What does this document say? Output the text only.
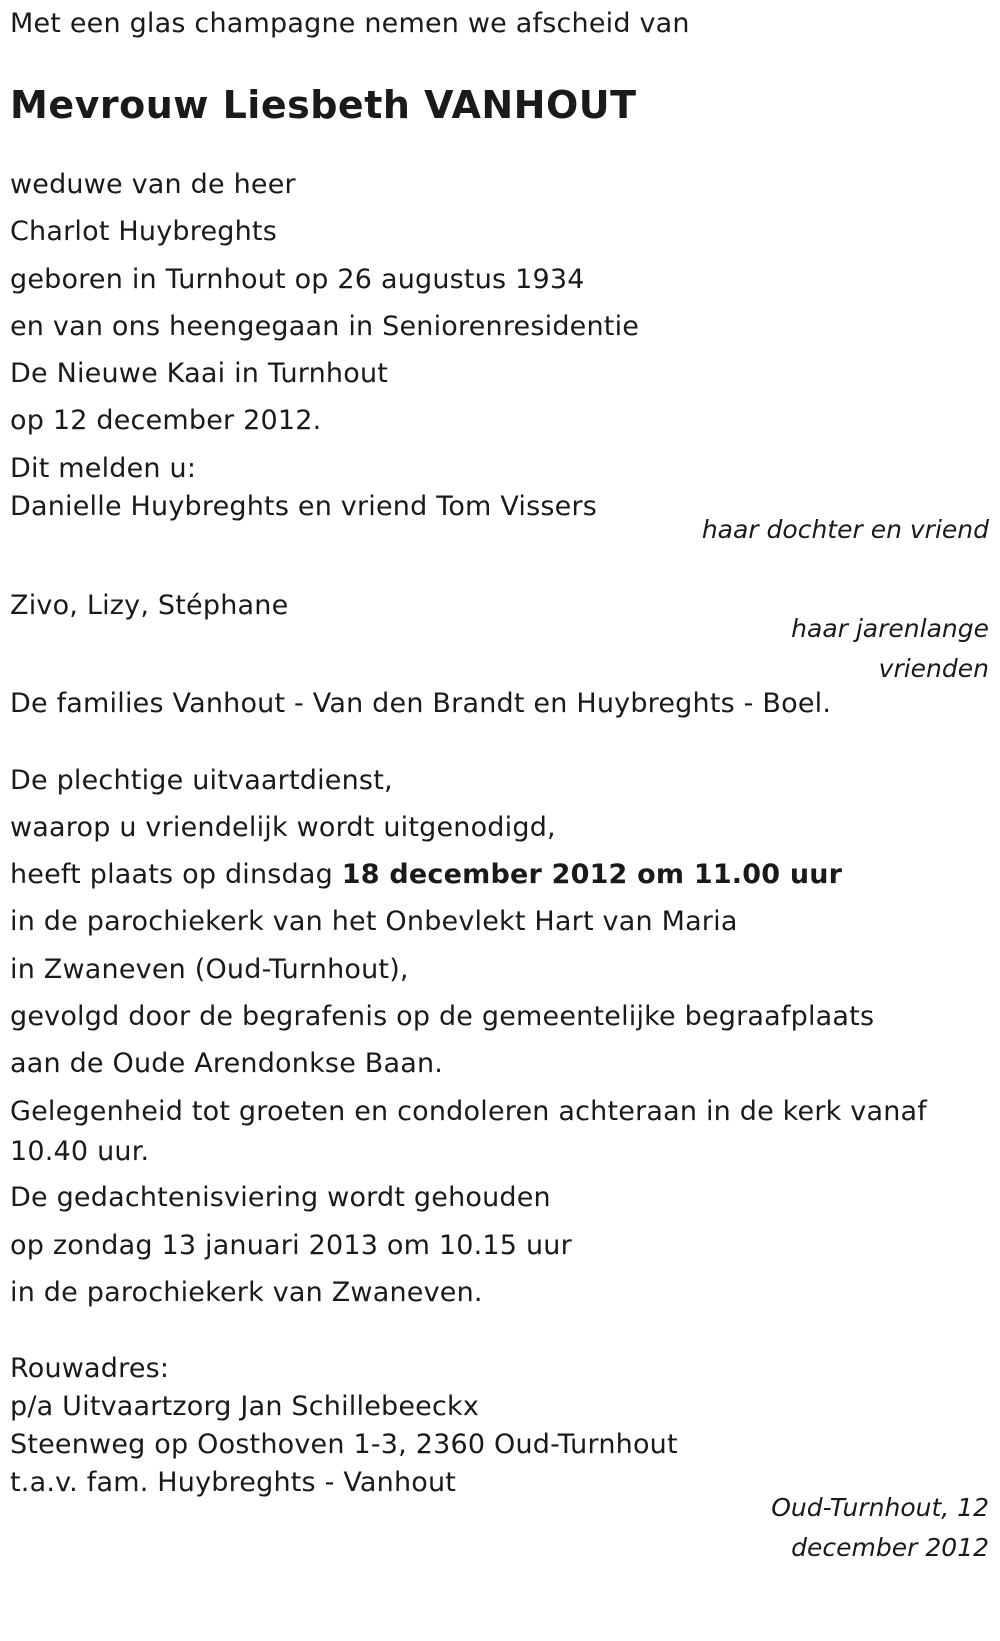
Met een glas champagne nemen we afscheid van
Mevrouw Liesbeth VANHOUT
weduwe van de heer
Charlot Huybreghts
geboren in Turnhout op 26 augustus 1934
en van ons heengegaan in Seniorenresidentie
De Nieuwe Kaai in Turnhout
op 12 december 2012.
Dit melden u:
Danielle Huybreghts en vriend Tom Vissers
haar dochter en vriend
Zivo, Lizy, Stéphane
haar jarenlange vrienden
De families Vanhout - Van den Brandt en Huybreghts - Boel.
De plechtige uitvaartdienst,
waarop u vriendelijk wordt uitgenodigd,
heeft plaats op dinsdag 18 december 2012 om 11.00 uur
in de parochiekerk van het Onbevlekt Hart van Maria
in Zwaneven (Oud-Turnhout),
gevolgd door de begrafenis op de gemeentelijke begraafplaats
aan de Oude Arendonkse Baan.
Gelegenheid tot groeten en condoleren achteraan in de kerk vanaf 10.40 uur.
De gedachtenisviering wordt gehouden
op zondag 13 januari 2013 om 10.15 uur
in de parochiekerk van Zwaneven.
Rouwadres:
p/a Uitvaartzorg Jan Schillebeeckx
Steenweg op Oosthoven 1-3, 2360 Oud-Turnhout
t.a.v. fam. Huybreghts - Vanhout
Oud-Turnhout, 12 december 2012
